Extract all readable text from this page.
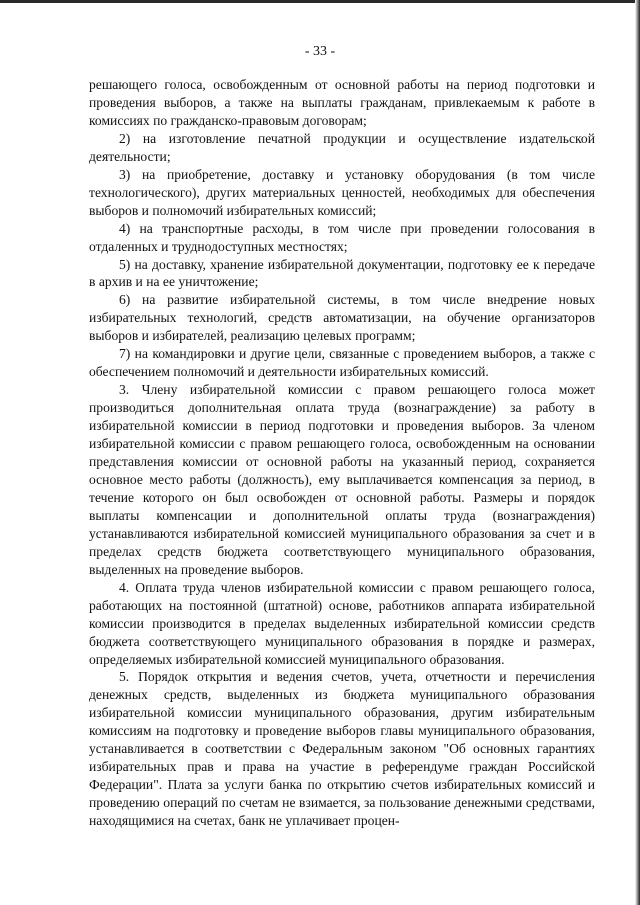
- 33 -

решающего голоса, освобожденным от основной работы на период подготовки и проведения выборов, а также на выплаты гражданам, привлекаемым к работе в комиссиях по гражданско-правовым договорам;

2) на изготовление печатной продукции и осуществление издательской деятельности;

3) на приобретение, доставку и установку оборудования (в том числе технологического), других материальных ценностей, необходимых для обеспечения выборов и полномочий избирательных комиссий;

4) на транспортные расходы, в том числе при проведении голосования в отдаленных и труднодоступных местностях;

5) на доставку, хранение избирательной документации, подготовку ее к передаче в архив и на ее уничтожение;

6) на развитие избирательной системы, в том числе внедрение новых избирательных технологий, средств автоматизации, на обучение организаторов выборов и избирателей, реализацию целевых программ;

7) на командировки и другие цели, связанные с проведением выборов, а также с обеспечением полномочий и деятельности избирательных комиссий.

3. Члену избирательной комиссии с правом решающего голоса может производиться дополнительная оплата труда (вознаграждение) за работу в избирательной комиссии в период подготовки и проведения выборов. За членом избирательной комиссии с правом решающего голоса, освобожденным на основании представления комиссии от основной работы на указанный период, сохраняется основное место работы (должность), ему выплачивается компенсация за период, в течение которого он был освобожден от основной работы. Размеры и порядок выплаты компенсации и дополнительной оплаты труда (вознаграждения) устанавливаются избирательной комиссией муниципального образования за счет и в пределах средств бюджета соответствующего муниципального образования, выделенных на проведение выборов.

4. Оплата труда членов избирательной комиссии с правом решающего голоса, работающих на постоянной (штатной) основе, работников аппарата избирательной комиссии производится в пределах выделенных избирательной комиссии средств бюджета соответствующего муниципального образования в порядке и размерах, определяемых избирательной комиссией муниципального образования.

5. Порядок открытия и ведения счетов, учета, отчетности и перечисления денежных средств, выделенных из бюджета муниципального образования избирательной комиссии муниципального образования, другим избирательным комиссиям на подготовку и проведение выборов главы муниципального образования, устанавливается в соответствии с Федеральным законом "Об основных гарантиях избирательных прав и права на участие в референдуме граждан Российской Федерации". Плата за услуги банка по открытию счетов избирательных комиссий и проведению операций по счетам не взимается, за пользование денежными средствами, находящимися на счетах, банк не уплачивает процен-
